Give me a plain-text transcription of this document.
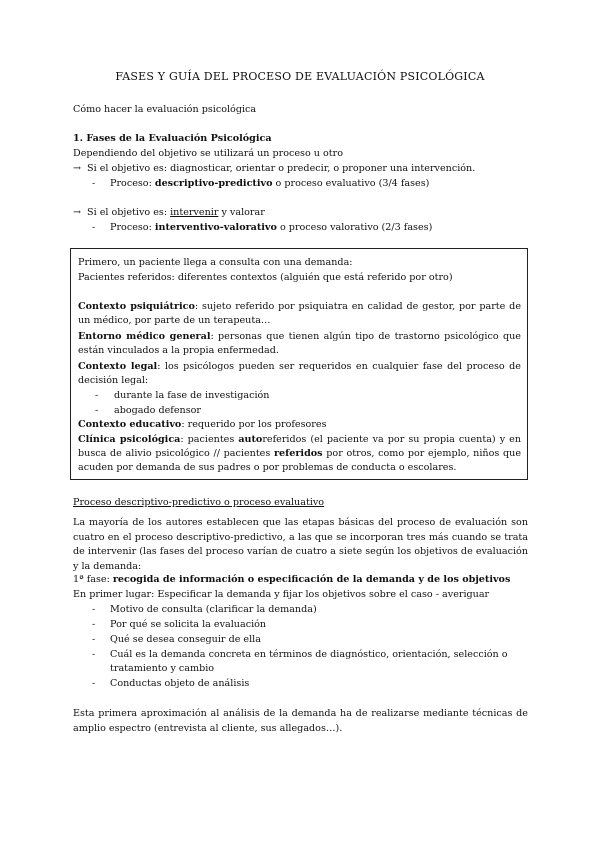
FASES Y GUÍA DEL PROCESO DE EVALUACIÓN PSICOLÓGICA
Cómo hacer la evaluación psicológica
1. Fases de la Evaluación Psicológica
Dependiendo del objetivo se utilizará un proceso u otro
→ Si el objetivo es: diagnosticar, orientar o predecir, o proponer una intervención.
- Proceso: descriptivo-predictivo o proceso evaluativo (3/4 fases)
→ Si el objetivo es: intervenir y valorar
- Proceso: interventivo-valorativo o proceso valorativo (2/3 fases)
Primero, un paciente llega a consulta con una demanda:
Pacientes referidos: diferentes contextos (alguién que está referido por otro)
Contexto psiquiátrico: sujeto referido por psiquiatra en calidad de gestor, por parte de un médico, por parte de un terapeuta…
Entorno médico general: personas que tienen algún tipo de trastorno psicológico que están vinculados a la propia enfermedad.
Contexto legal: los psicólogos pueden ser requeridos en cualquier fase del proceso de decisión legal:
- durante la fase de investigación
- abogado defensor
Contexto educativo: requerido por los profesores
Clínica psicológica: pacientes autoreferidos (el paciente va por su propia cuenta) y en busca de alivio psicológico // pacientes referidos por otros, como por ejemplo, niños que acuden por demanda de sus padres o por problemas de conducta o escolares.
Proceso descriptivo-predictivo o proceso evaluativo
La mayoría de los autores establecen que las etapas básicas del proceso de evaluación son cuatro en el proceso descriptivo-predictivo, a las que se incorporan tres más cuando se trata de intervenir (las fases del proceso varían de cuatro a siete según los objetivos de evaluación y la demanda:
1ª fase: recogida de información o especificación de la demanda y de los objetivos
En primer lugar: Especificar la demanda y fijar los objetivos sobre el caso - averiguar
- Motivo de consulta (clarificar la demanda)
- Por qué se solicita la evaluación
- Qué se desea conseguir de ella
- Cuál es la demanda concreta en términos de diagnóstico, orientación, selección o tratamiento y cambio
- Conductas objeto de análisis
Esta primera aproximación al análisis de la demanda ha de realizarse mediante técnicas de amplio espectro (entrevista al cliente, sus allegados…).
